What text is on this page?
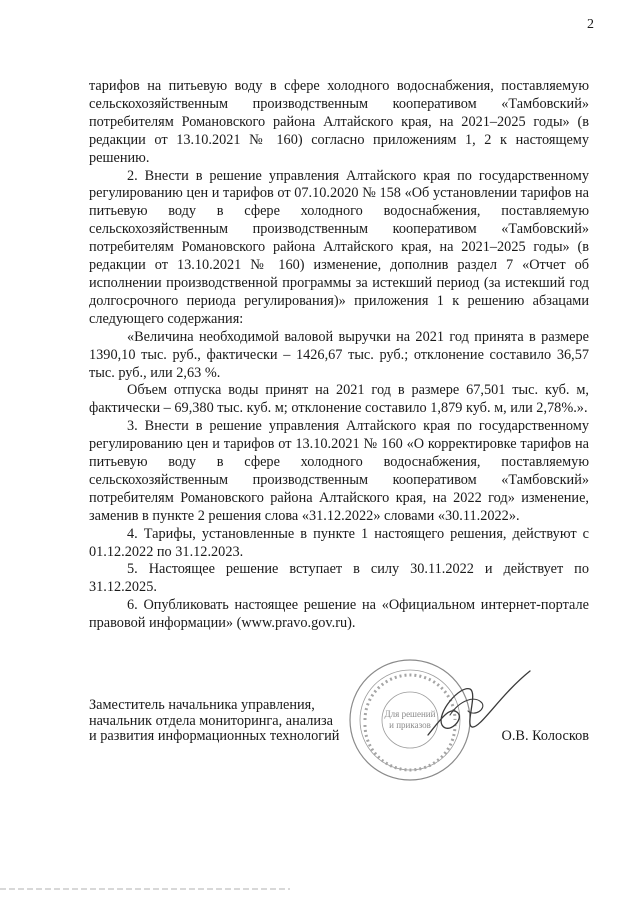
2

тарифов на питьевую воду в сфере холодного водоснабжения, поставляемую сельскохозяйственным производственным кооперативом «Тамбовский» потребителям Романовского района Алтайского края, на 2021–2025 годы» (в редакции от 13.10.2021 № 160) согласно приложениям 1, 2 к настоящему решению.

2. Внести в решение управления Алтайского края по государственному регулированию цен и тарифов от 07.10.2020 № 158 «Об установлении тарифов на питьевую воду в сфере холодного водоснабжения, поставляемую сельскохозяйственным производственным кооперативом «Тамбовский» потребителям Романовского района Алтайского края, на 2021–2025 годы» (в редакции от 13.10.2021 № 160) изменение, дополнив раздел 7 «Отчет об исполнении производственной программы за истекший период (за истекший год долгосрочного периода регулирования)» приложения 1 к решению абзацами следующего содержания:

«Величина необходимой валовой выручки на 2021 год принята в размере 1390,10 тыс. руб., фактически – 1426,67 тыс. руб.; отклонение составило 36,57 тыс. руб., или 2,63 %.

Объем отпуска воды принят на 2021 год в размере 67,501 тыс. куб. м, фактически – 69,380 тыс. куб. м; отклонение составило 1,879 куб. м, или 2,78%.».

3. Внести в решение управления Алтайского края по государственному регулированию цен и тарифов от 13.10.2021 № 160 «О корректировке тарифов на питьевую воду в сфере холодного водоснабжения, поставляемую сельскохозяйственным производственным кооперативом «Тамбовский» потребителям Романовского района Алтайского края, на 2022 год» изменение, заменив в пункте 2 решения слова «31.12.2022» словами «30.11.2022».

4. Тарифы, установленные в пункте 1 настоящего решения, действуют с 01.12.2022 по 31.12.2023.

5. Настоящее решение вступает в силу 30.11.2022 и действует по 31.12.2025.

6. Опубликовать настоящее решение на «Официальном интернет-портале правовой информации» (www.pravo.gov.ru).

Для решений
и приказов
Заместитель начальника управления,
начальник отдела мониторинга, анализа
и развития информационных технологий	О.В. Колосков
